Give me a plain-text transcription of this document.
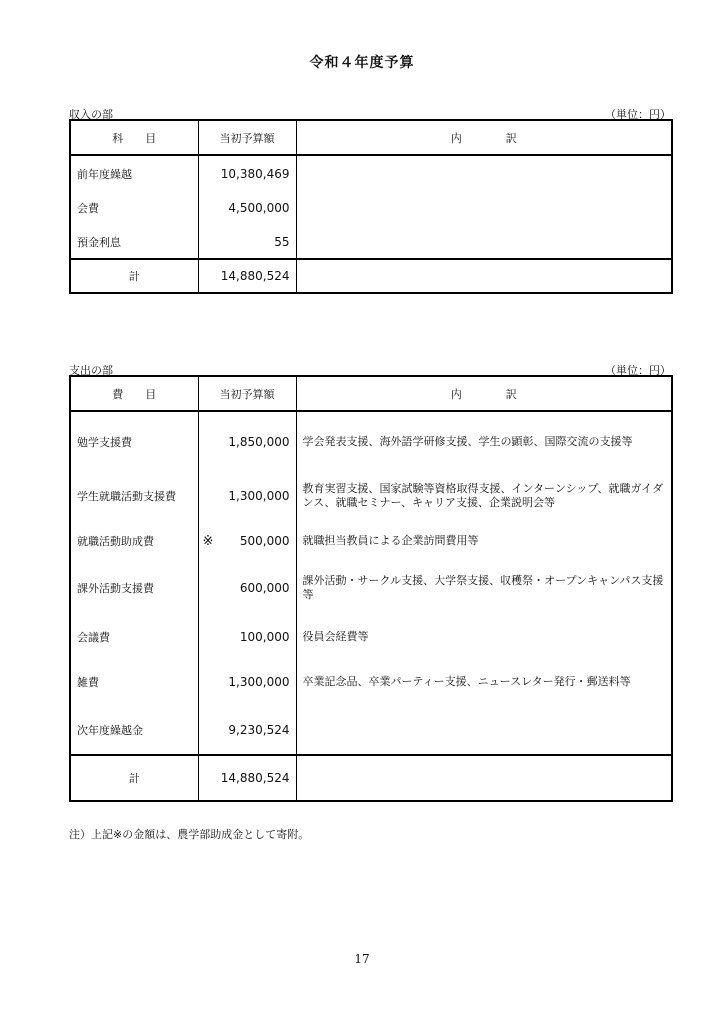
令和４年度予算
収入の部	（単位：円）
科　　目	当初予算額	内　　　　訳
前年度繰越	10,380,469	
会費	4,500,000	
預金利息	55	
計	14,880,524	
支出の部	（単位：円）
費　　目	当初予算額	内　　　　訳
勉学支援費	1,850,000	学会発表支援、海外語学研修支援、学生の顕彰、国際交流の支援等
学生就職活動支援費	1,300,000	教育実習支援、国家試験等資格取得支援、インターンシップ、就職ガイダンス、就職セミナー、キャリア支援、企業説明会等
就職活動助成費	※ 500,000	就職担当教員による企業訪問費用等
課外活動支援費	600,000	課外活動・サークル支援、大学祭支援、収穫祭・オープンキャンパス支援等
会議費	100,000	役員会経費等
雑費	1,300,000	卒業記念品、卒業パーティー支援、ニュースレター発行・郵送料等
次年度繰越金	9,230,524	
計	14,880,524	
注）上記※の金額は、農学部助成金として寄附。
17
